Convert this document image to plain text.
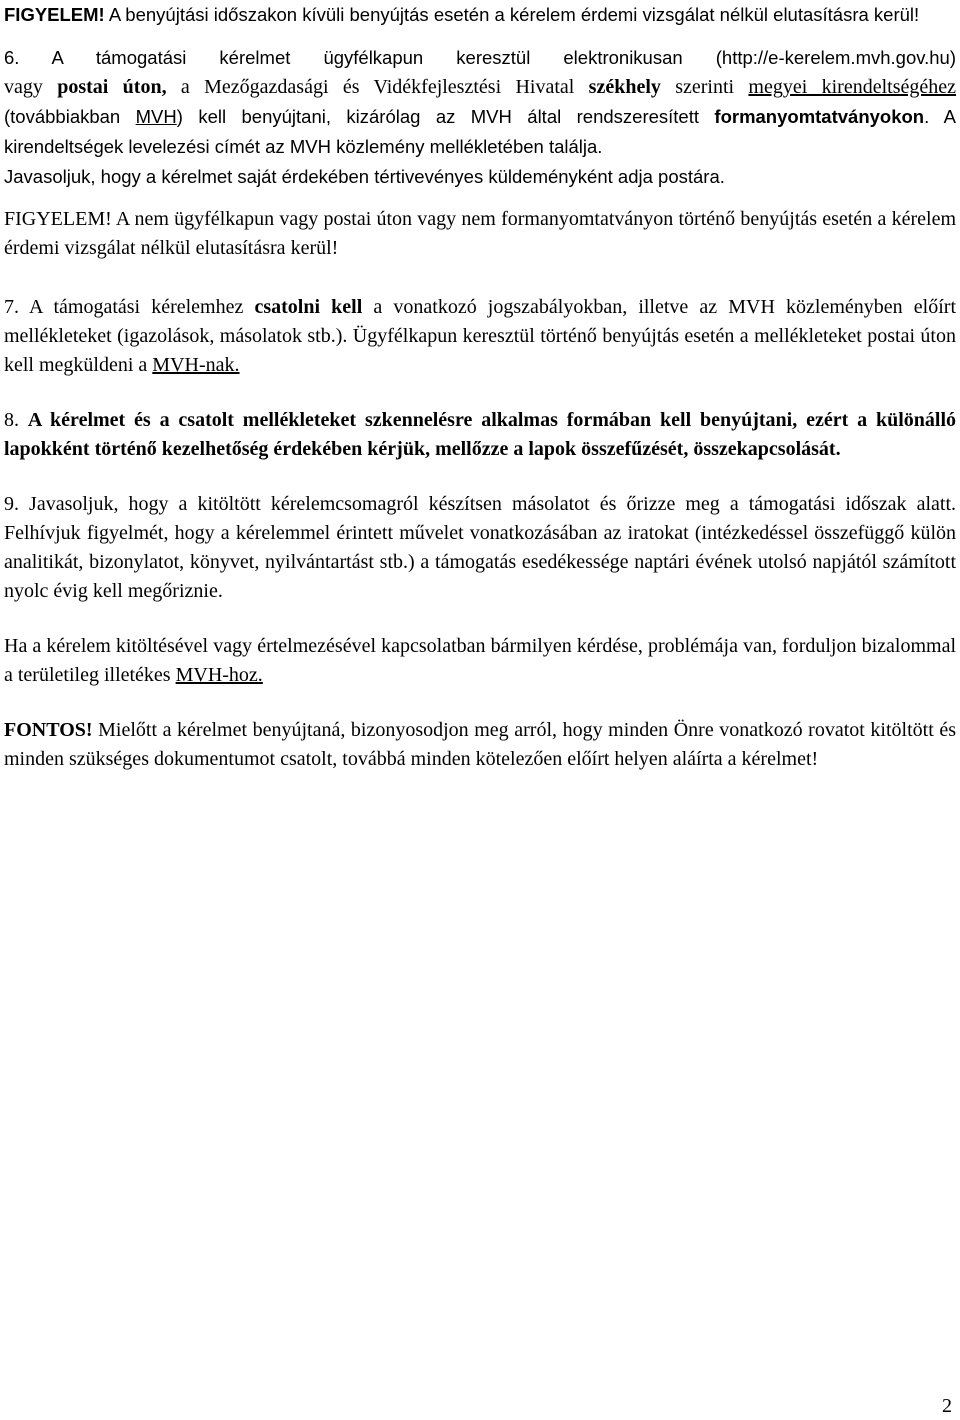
FIGYELEM! A benyújtási időszakon kívüli benyújtás esetén a kérelem érdemi vizsgálat nélkül elutasításra kerül!

6. A támogatási kérelmet ügyfélkapun keresztül elektronikusan (http://e-kerelem.mvh.gov.hu)

vagy postai úton, a Mezőgazdasági és Vidékfejlesztési Hivatal székhely szerinti megyei kirendeltségéhez (továbbiakban MVH) kell benyújtani, kizárólag az MVH által rendszeresített formanyomtatványokon. A kirendeltségek levelezési címét az MVH közlemény mellékletében találja.

Javasoljuk, hogy a kérelmet saját érdekében tértivevényes küldeményként adja postára.

FIGYELEM! A nem ügyfélkapun vagy postai úton vagy nem formanyomtatványon történő benyújtás esetén a kérelem érdemi vizsgálat nélkül elutasításra kerül!

7. A támogatási kérelemhez csatolni kell a vonatkozó jogszabályokban, illetve az MVH közleményben előírt mellékleteket (igazolások, másolatok stb.). Ügyfélkapun keresztül történő benyújtás esetén a mellékleteket postai úton kell megküldeni a MVH-nak.

8. A kérelmet és a csatolt mellékleteket szkennelésre alkalmas formában kell benyújtani, ezért a különálló lapokként történő kezelhetőség érdekében kérjük, mellőzze a lapok összefűzését, összekapcsolását.

9. Javasoljuk, hogy a kitöltött kérelemcsomagról készítsen másolatot és őrizze meg a támogatási időszak alatt. Felhívjuk figyelmét, hogy a kérelemmel érintett művelet vonatkozásában az iratokat (intézkedéssel összefüggő külön analitikát, bizonylatot, könyvet, nyilvántartást stb.) a támogatás esedékessége naptári évének utolsó napjától számított nyolc évig kell megőriznie.

Ha a kérelem kitöltésével vagy értelmezésével kapcsolatban bármilyen kérdése, problémája van, forduljon bizalommal a területileg illetékes MVH-hoz.

FONTOS! Mielőtt a kérelmet benyújtaná, bizonyosodjon meg arról, hogy minden Önre vonatkozó rovatot kitöltött és minden szükséges dokumentumot csatolt, továbbá minden kötelezően előírt helyen aláírta a kérelmet!

2
